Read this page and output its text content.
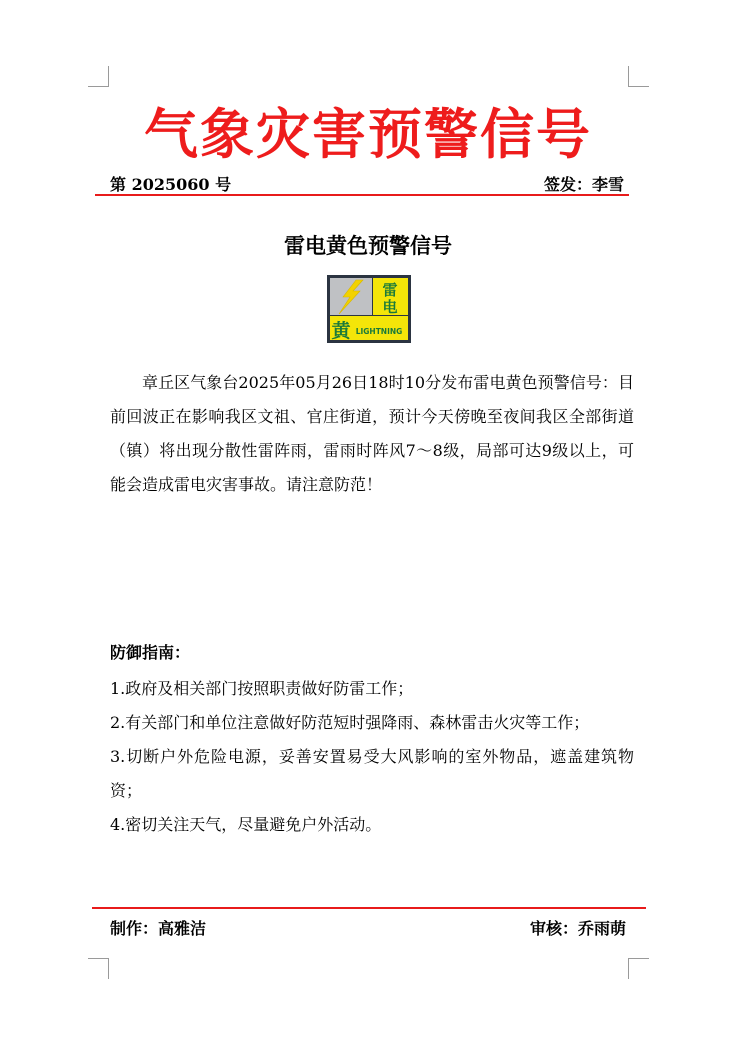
气象灾害预警信号
第 2025060 号	签发：李雪
雷电黄色预警信号
雷
电
黄 LIGHTNING
章丘区气象台2025年05月26日18时10分发布雷电黄色预警信号：目前回波正在影响我区文祖、官庄街道，预计今天傍晚至夜间我区全部街道（镇）将出现分散性雷阵雨，雷雨时阵风7～8级，局部可达9级以上，可能会造成雷电灾害事故。请注意防范！
防御指南：
1.政府及相关部门按照职责做好防雷工作；
2.有关部门和单位注意做好防范短时强降雨、森林雷击火灾等工作；
3.切断户外危险电源，妥善安置易受大风影响的室外物品，遮盖建筑物资；
4.密切关注天气，尽量避免户外活动。
制作：高雅洁	审核：乔雨萌
